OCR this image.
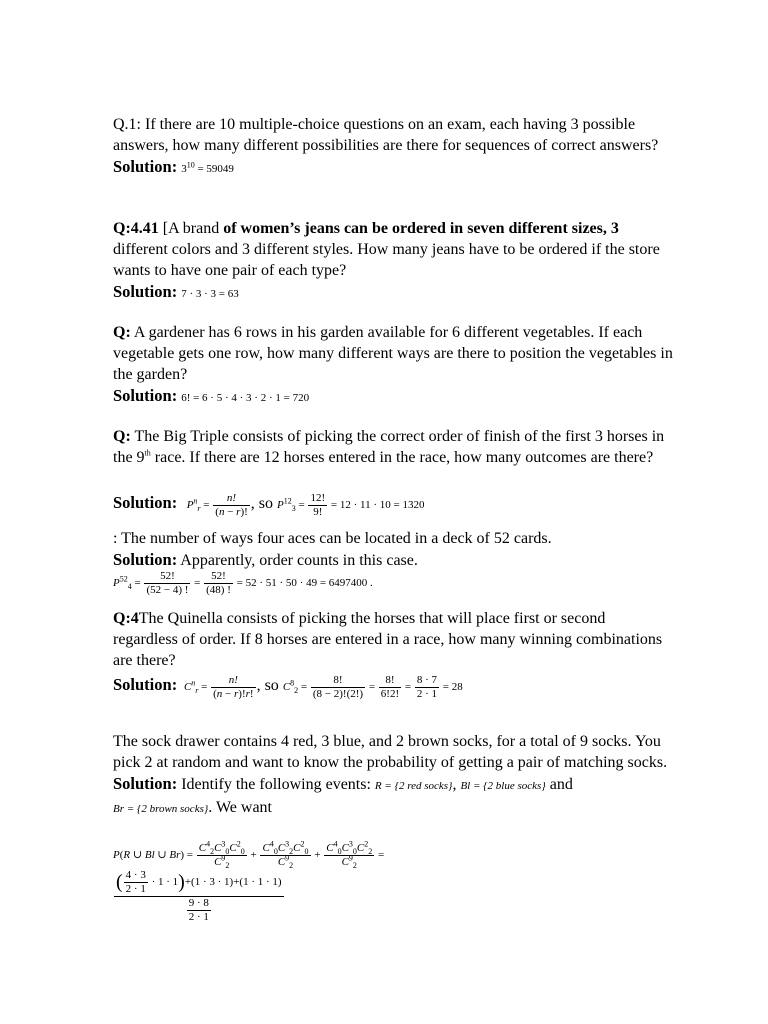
Q.1: If there are 10 multiple-choice questions on an exam, each having 3 possible answers, how many different possibilities are there for sequences of correct answers?
Solution: $3^{10} = 59049$
Q:4.41 [A brand of women’s jeans can be ordered in seven different sizes, 3
different colors and 3 different styles. How many jeans have to be ordered if the store wants to have one pair of each type?
Solution: 7 · 3 · 3 = 63
Q: A gardener has 6 rows in his garden available for 6 different vegetables. If each vegetable gets one row, how many different ways are there to position the vegetables in the garden?
Solution: 6! = 6 · 5 · 4 · 3 · 2 · 1 = 720
Q: The Big Triple consists of picking the correct order of finish of the first 3 horses in the 9th race. If there are 12 horses entered in the race, how many outcomes are there?
Solution: $P^n_r = \frac{n!}{(n - r)!}$ , so $P^{12}_3 = \frac{12!}{9!} = 12 \cdot 11 \cdot 10 = 1320$
: The number of ways four aces can be located in a deck of 52 cards.
Solution: Apparently, order counts in this case.
$P^{52}_4 = \frac{52!}{(52 - 4) !} = \frac{52!}{(48) !} = 52 \cdot 51 \cdot 50 \cdot 49 = 6497400$ .
Q:4The Quinella consists of picking the horses that will place first or second regardless of order. If 8 horses are entered in a race, how many winning combinations are there?
Solution: $C^n_r = \frac{n!}{(n - r)!r!}$ , so $C^8_2 = \frac{8!}{(8 - 2)!(2!)} = \frac{8!}{6!2!} = \frac{8 \cdot 7}{2 \cdot 1} = 28$
The sock drawer contains 4 red, 3 blue, and 2 brown socks, for a total of 9 socks. You pick 2 at random and want to know the probability of getting a pair of matching socks.
Solution: Identify the following events: R = {2 red socks}, Bl = {2 blue socks} and
Br = {2 brown socks}. We want
P(R ∪ Bl ∪ $Br) = \frac{C^4_2C^3_0C^2_0}{C^9_2} + \frac{C^4_0C^3_2C^2_0}{C^9_2} + \frac{C^4_0C^3_0C^2_2}{C^9_2}$ =
$\frac{( \frac{4 \cdot 3}{2 \cdot 1} \cdot 1 \cdot 1)+(1 \cdot 3 \cdot 1)+(1 \cdot 1 \cdot 1)}{\frac{9 \cdot 8}{2 \cdot 1}}$
